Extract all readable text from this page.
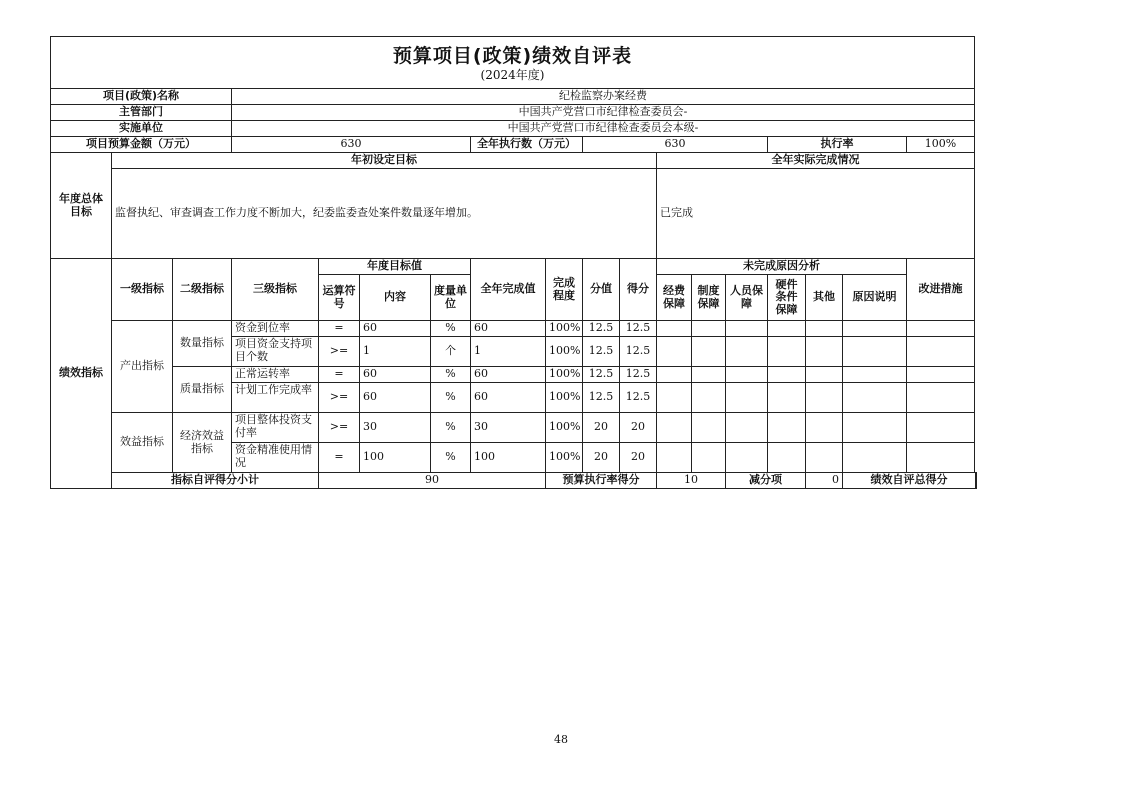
预算项目(政策)绩效自评表
(2024年度)																		

项目(政策)名称			纪检监察办案经费															
主管部门			中国共产党营口市纪律检查委员会-															
实施单位			中国共产党营口市纪律检查委员会本级-															
项目预算金额（万元）			630				全年执行数（万元）		630					执行率			100%	
年度总体目标	年初设定目标										全年实际完成情况							
	监督执纪、审查调查工作力度不断加大，纪委监委查处案件数量逐年增加。										已完成							
绩效指标	一级指标	二级指标	三级指标	年度目标值			全年完成值	完成程度	分值	得分	未完成原因分析						改进措施	
				运算符号	内容	度量单位					经费保障	制度保障	人员保障	硬件条件保障	其他	原因说明		

	产出指标	数量指标	资金到位率	=	60	%	60	100%	12.5	12.5								
			项目资金支持项目个数	>=	1	个	1	100%	12.5	12.5								
		质量指标	正常运转率	=	60	%	60	100%	12.5	12.5								
			计划工作完成率	>=	60	%	60	100%	12.5	12.5								
	效益指标	经济效益指标	项目整体投资支付率	>=	30	%	30	100%	20	20								
			资金精准使用情况	=	100	%	100	100%	20	20								
	指标自评得分小计			90				预算执行率得分			10		减分项		0	绩效自评总得分	
48
